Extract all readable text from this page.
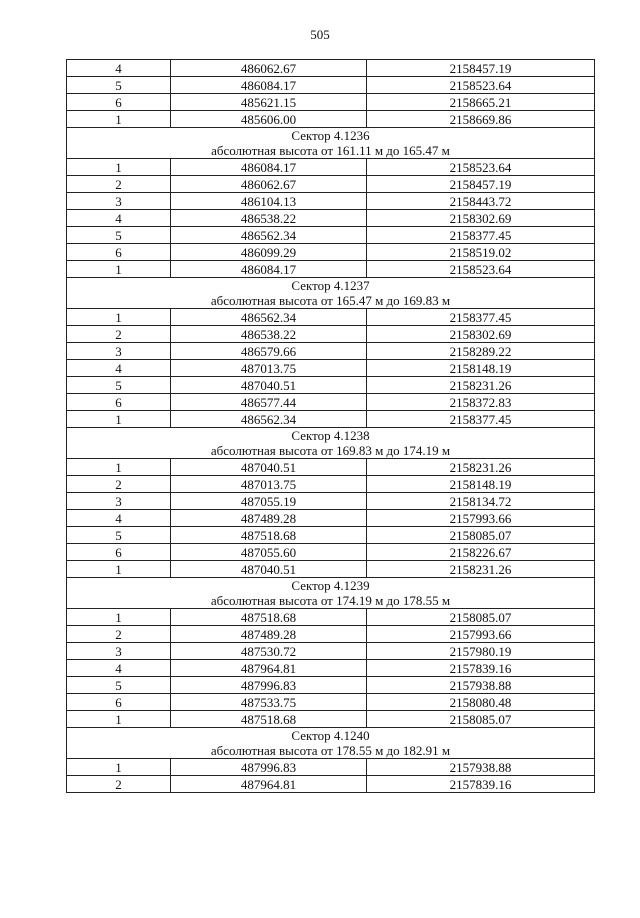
505
4	486062.67	2158457.19
5	486084.17	2158523.64
6	485621.15	2158665.21
1	485606.00	2158669.86

Сектор 4.1236
абсолютная высота от 161.11 м до 165.47 м		

1	486084.17	2158523.64
2	486062.67	2158457.19
3	486104.13	2158443.72
4	486538.22	2158302.69
5	486562.34	2158377.45
6	486099.29	2158519.02
1	486084.17	2158523.64

Сектор 4.1237
абсолютная высота от 165.47 м до 169.83 м		

1	486562.34	2158377.45
2	486538.22	2158302.69
3	486579.66	2158289.22
4	487013.75	2158148.19
5	487040.51	2158231.26
6	486577.44	2158372.83
1	486562.34	2158377.45

Сектор 4.1238
абсолютная высота от 169.83 м до 174.19 м		

1	487040.51	2158231.26
2	487013.75	2158148.19
3	487055.19	2158134.72
4	487489.28	2157993.66
5	487518.68	2158085.07
6	487055.60	2158226.67
1	487040.51	2158231.26

Сектор 4.1239
абсолютная высота от 174.19 м до 178.55 м		

1	487518.68	2158085.07
2	487489.28	2157993.66
3	487530.72	2157980.19
4	487964.81	2157839.16
5	487996.83	2157938.88
6	487533.75	2158080.48
1	487518.68	2158085.07

Сектор 4.1240
абсолютная высота от 178.55 м до 182.91 м		

1	487996.83	2157938.88
2	487964.81	2157839.16
